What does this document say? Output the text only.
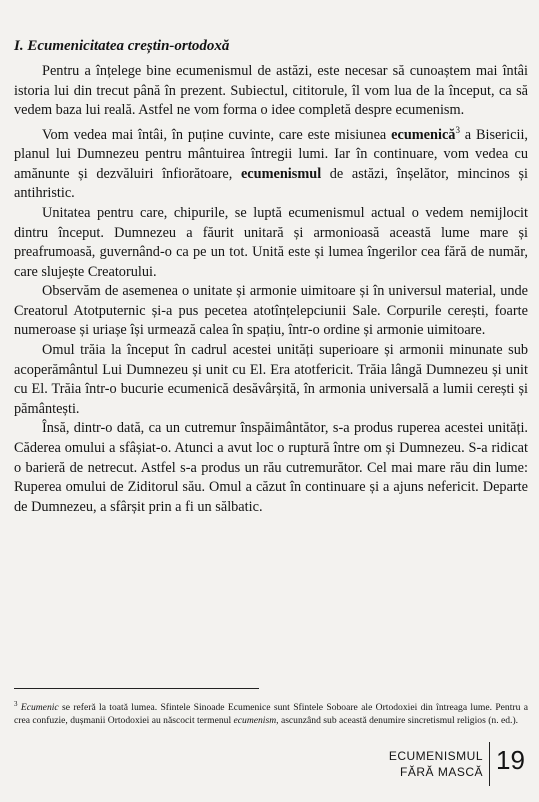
I. Ecumenicitatea creștin-ortodoxă

Pentru a înțelege bine ecumenismul de astăzi, este necesar să cunoaștem mai întâi istoria lui din trecut până în prezent. Subiectul, cititorule, îl vom lua de la început, ca să vedem baza lui reală. Astfel ne vom forma o idee completă despre ecumenism.

Vom vedea mai întâi, în puține cuvinte, care este misiunea ecumenică$^3$ a Bisericii, planul lui Dumnezeu pentru mântuirea întregii lumi. Iar în continuare, vom vedea cu amănunte și dezvăluiri înfiorătoare, ecumenismul de astăzi, înșelător, mincinos și antihristic.

Unitatea pentru care, chipurile, se luptă ecumenismul actual o vedem nemijlocit dintru început. Dumnezeu a făurit unitară și armonioasă această lume mare și preafrumoasă, guvernând-o ca pe un tot. Unită este și lumea îngerilor cea fără de număr, care slujește Creatorului.

Observăm de asemenea o unitate și armonie uimitoare și în universul material, unde Creatorul Atotputernic și-a pus pecetea atotînțelepciunii Sale. Corpurile cerești, foarte numeroase și uriașe își urmează calea în spațiu, într-o ordine și armonie uimitoare.

Omul trăia la început în cadrul acestei unități superioare și armonii minunate sub acoperământul Lui Dumnezeu și unit cu El. Era atotfericit. Trăia lângă Dumnezeu și unit cu El. Trăia într-o bucurie ecumenică desăvârșită, în armonia universală a lumii cerești și pământești.

Însă, dintr-o dată, ca un cutremur înspăimântător, s-a produs ruperea acestei unități. Căderea omului a sfâșiat-o. Atunci a avut loc o ruptură între om și Dumnezeu. S-a ridicat o barieră de netrecut. Astfel s-a produs un rău cutremurător. Cel mai mare rău din lume: Ruperea omului de Ziditorul său. Omul a căzut în continuare și a ajuns nefericit. Departe de Dumnezeu, a sfârșit prin a fi un sălbatic.

$^3$ Ecumenic se referă la toată lumea. Sfintele Sinoade Ecumenice sunt Sfintele Soboare ale Ortodoxiei din întreaga lume. Pentru a crea confuzie, dușmanii Ortodoxiei au născocit termenul ecumenism, ascunzând sub această denumire sincretismul religios (n. ed.).
ECUMENISMUL
FĂRĂ MASCĂ 19
